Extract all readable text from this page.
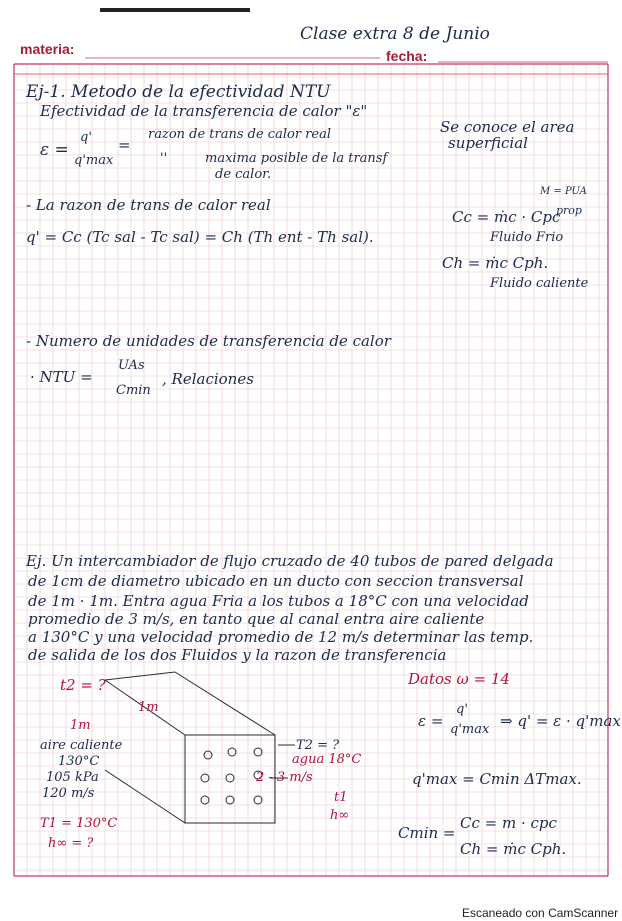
Clase extra 8 de Junio
materia:	fecha:
Ej-1. Metodo de la efectividad NTU
Efectividad de la transferencia de calor "ε"
Se conoce el area
superficial
ε =
q'
q'max
=
razon de trans de calor real
''	maxima posible de la transf
de calor.
- La razon de trans de calor real
q' = Cc (Tc sal - Tc sal) = Ch (Th ent - Th sal).
M = PUA
prop
Cc = ṁc · Cpc
Fluido Frio
Ch = ṁc Cph.
Fluido caliente
- Numero de unidades de transferencia de calor
· NTU =
UAs
Cmin
, Relaciones
Ej. Un intercambiador de flujo cruzado de 40 tubos de pared delgada
de 1cm de diametro ubicado en un ducto con seccion transversal
de 1m · 1m. Entra agua Fria a los tubos a 18°C con una velocidad
promedio de 3 m/s, en tanto que al canal entra aire caliente
a 130°C y una velocidad promedio de 12 m/s determinar las temp.
de salida de los dos Fluidos y la razon de transferencia
t2 = ?
1m
1m
aire caliente
130°C
105 kPa
120 m/s
T1 = 130°C
h∞ = ?
T2 = ?
agua 18°C
2 - 3 m/s
t1
h∞
Datos ω = 14
ε =
q'
q'max ⇒ q' = ε · q'max
q'max = Cmin ΔTmax.
Cmin =
Cc = m · cpc
Ch = ṁc Cph.
Escaneado con CamScanner
